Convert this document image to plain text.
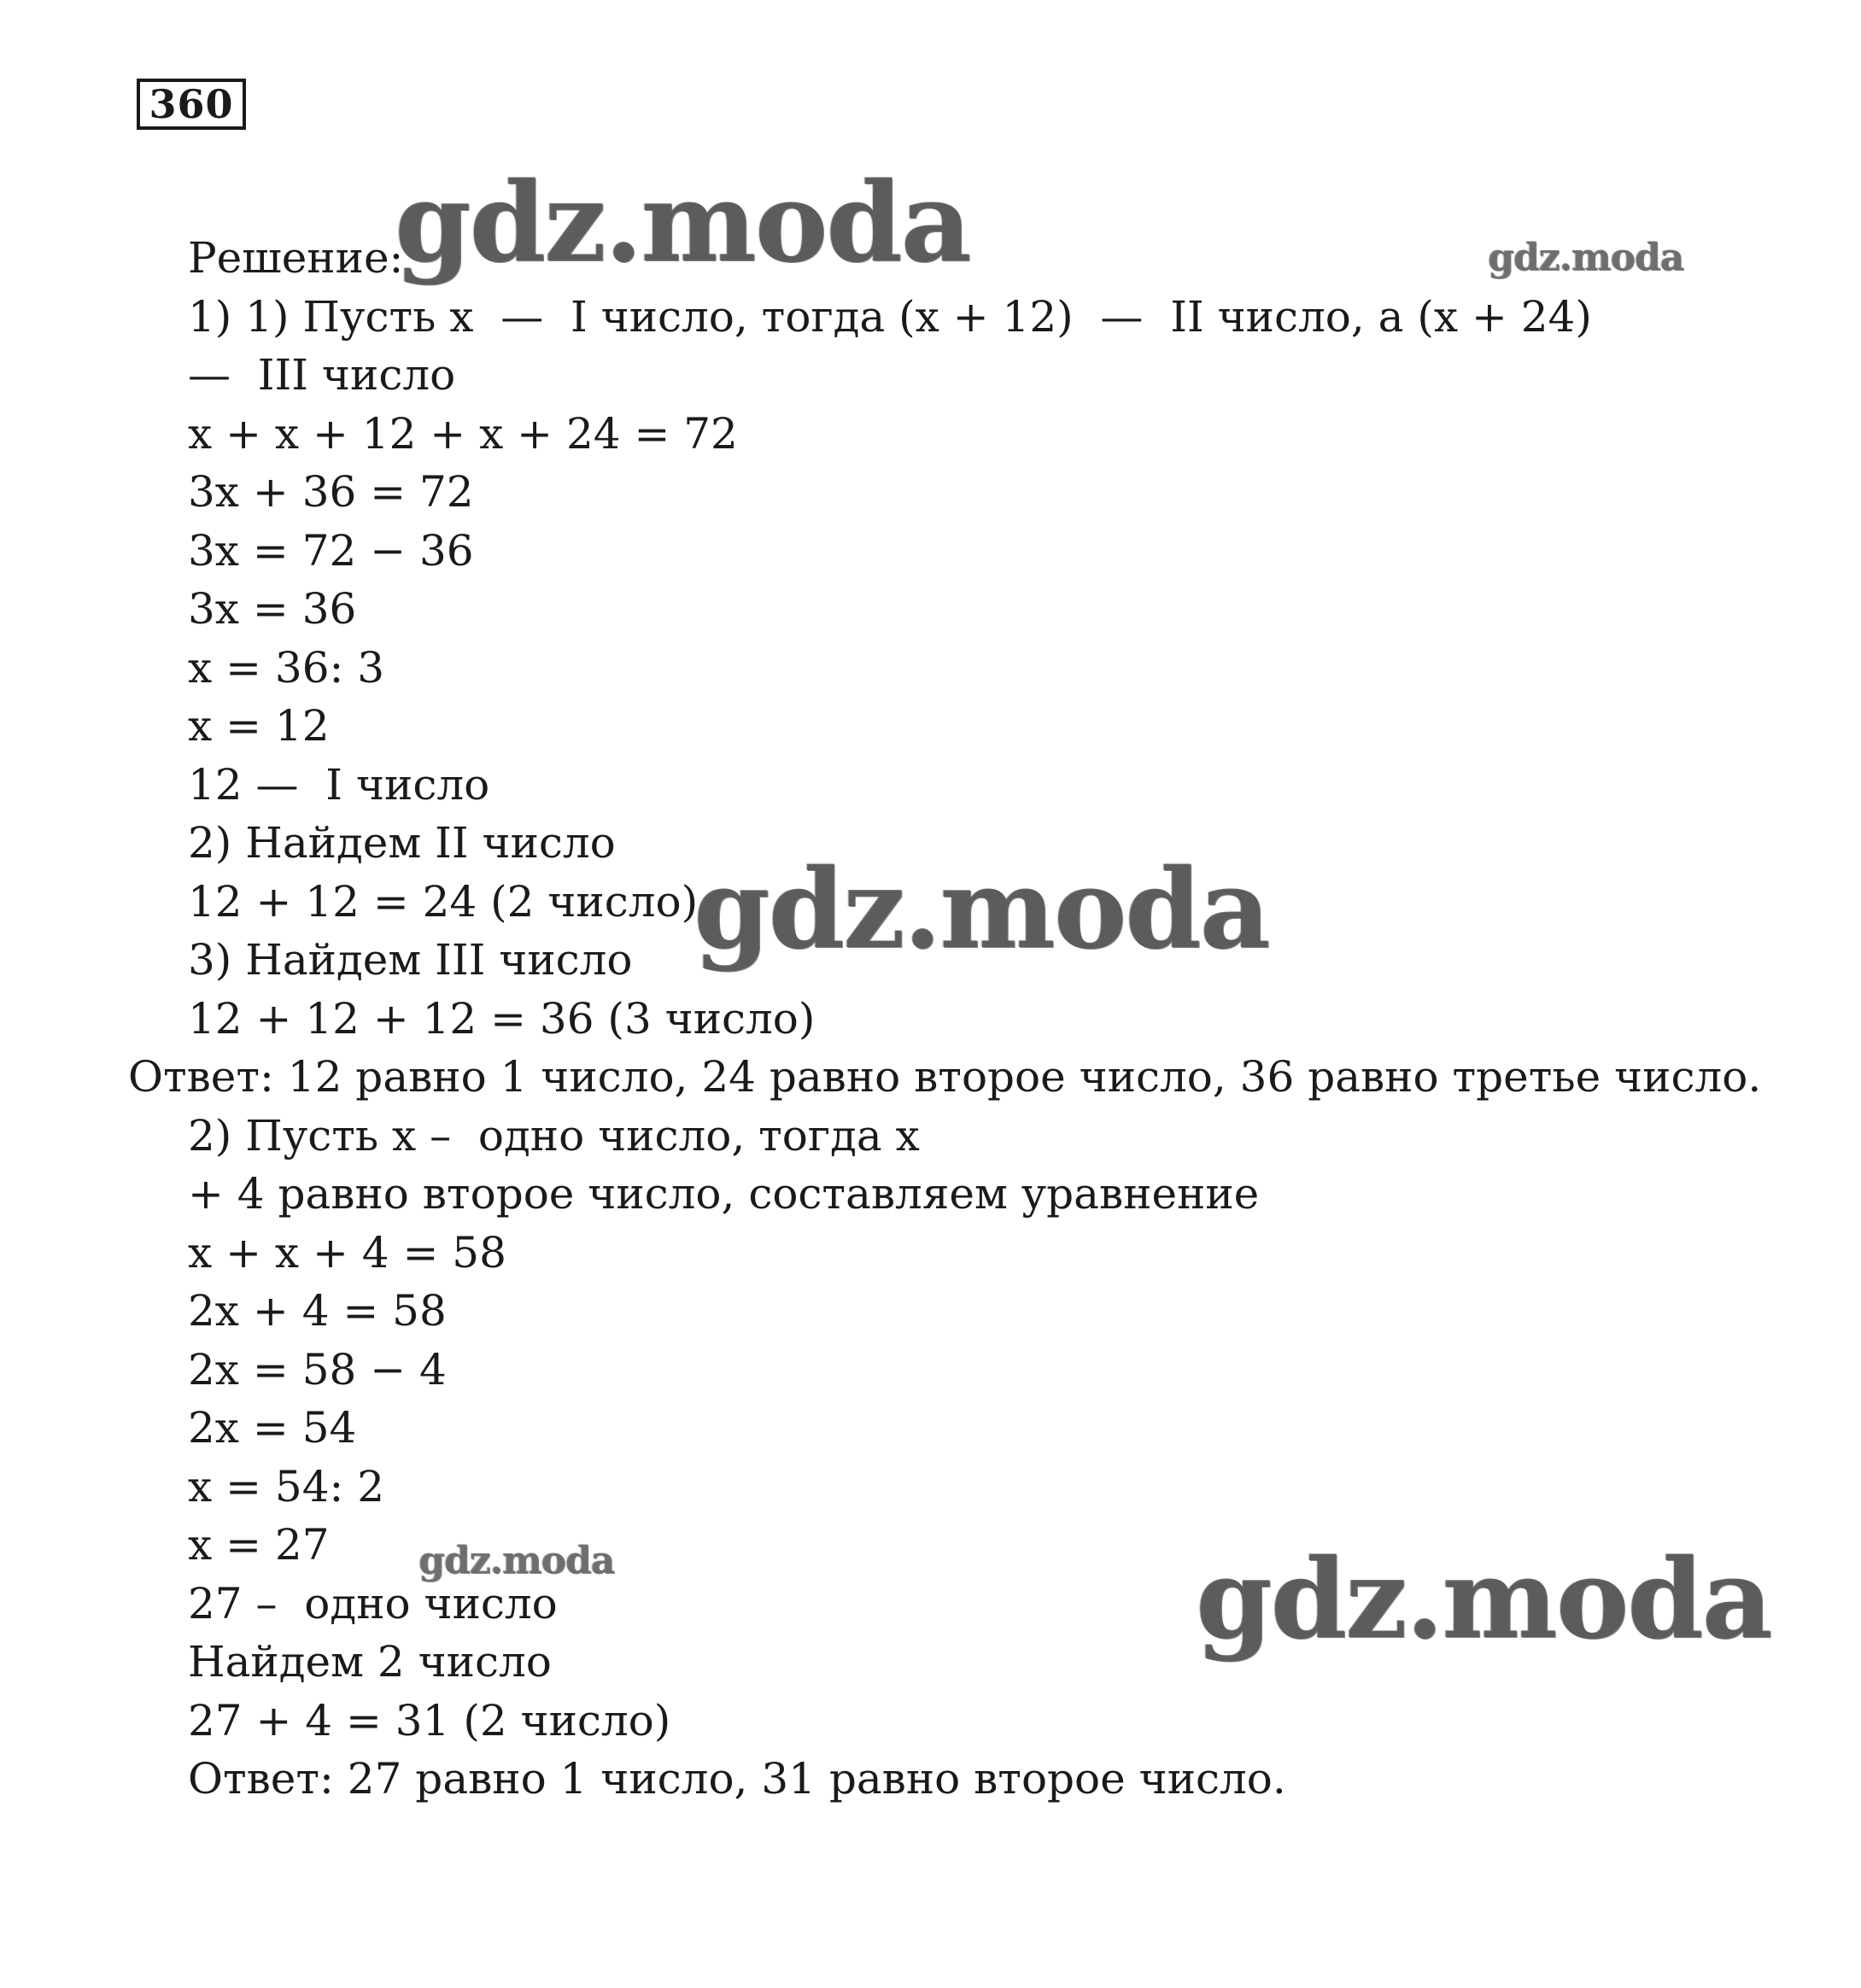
360
Решение:
1) 1) Пусть x  —  I число, тогда (x + 12)  —  II число, а (x + 24)
—  III число
x + x + 12 + x + 24 = 72
3x + 36 = 72
3x = 72 − 36
3x = 36
x = 36: 3
x = 12
12 —  I число
2) Найдем II число
12 + 12 = 24 (2 число)
3) Найдем III число
12 + 12 + 12 = 36 (3 число)
Ответ: 12 равно 1 число, 24 равно второе число, 36 равно третье число.
2) Пусть x –  одно число, тогда x
+ 4 равно второе число, составляем уравнение
x + x + 4 = 58
2x + 4 = 58
2x = 58 − 4
2x = 54
x = 54: 2
x = 27
27 –  одно число
Найдем 2 число
27 + 4 = 31 (2 число)
Ответ: 27 равно 1 число, 31 равно второе число.
gdz.moda	gdz.moda
gdz.moda
gdz.moda	gdz.moda
